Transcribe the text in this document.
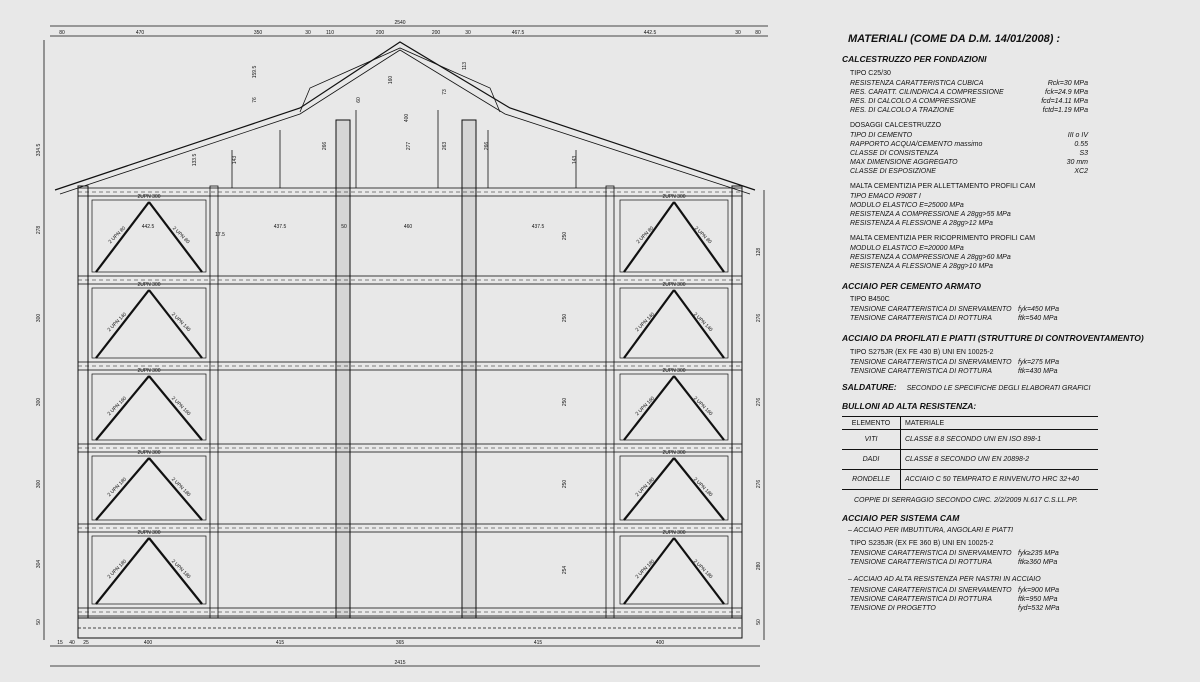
2UPN 300
2 UPN 80	2 UPN 80
2UPN 300
2 UPN 80	2 UPN 80
2UPN 300
2 UPN 140	2 UPN 140
2UPN 300
2 UPN 140	2 UPN 140
2UPN 300
2 UPN 160	2 UPN 160
2UPN 300
2 UPN 160	2 UPN 160
2UPN 300
2 UPN 180	2 UPN 180
2UPN 300
2 UPN 180	2 UPN 180
2UPN 300
2 UPN 180	2 UPN 180
2UPN 300
2 UPN 180	2 UPN 180
2540
80	470	350	30	110	200	200	30	467.5	442.5	30	80
2415
400	415	365	415	400
15 40 25
334.5
278
300
300
300
304
50
128
276
276
276
280
50
159.5
76	60
160
113
73
400
266	277	263	266
143
133.5	143
442.5	437.5	50	460	437.5
17.5	250
250
250
250
254
MATERIALI (COME DA D.M. 14/01/2008) :
CALCESTRUZZO PER FONDAZIONI
TIPO C25/30
RESISTENZA CARATTERISTICA CUBICA	Rck=30 MPa
RES. CARATT. CILINDRICA A COMPRESSIONE	fck=24.9 MPa
RES. DI CALCOLO A COMPRESSIONE	fcd=14.11 MPa
RES. DI CALCOLO A TRAZIONE	fctd=1.19 MPa
DOSAGGI CALCESTRUZZO
TIPO DI CEMENTO	III o IV
RAPPORTO ACQUA/CEMENTO massimo	0.55
CLASSE DI CONSISTENZA	S3
MAX DIMENSIONE AGGREGATO	30 mm
CLASSE DI ESPOSIZIONE	XC2
MALTA CEMENTIZIA PER ALLETTAMENTO PROFILI CAM
TIPO EMACO R908T I
MODULO ELASTICO E=25000 MPa
RESISTENZA A COMPRESSIONE A 28gg>55 MPa
RESISTENZA A FLESSIONE A 28gg>12 MPa
MALTA CEMENTIZIA PER RICOPRIMENTO PROFILI CAM
MODULO ELASTICO E=20000 MPa
RESISTENZA A COMPRESSIONE A 28gg>60 MPa
RESISTENZA A FLESSIONE A 28gg>10 MPa
ACCIAIO PER CEMENTO ARMATO
TIPO B450C
TENSIONE CARATTERISTICA DI SNERVAMENTO fyk=450 MPa
TENSIONE CARATTERISTICA DI ROTTURA	ftk=540 MPa
ACCIAIO DA PROFILATI E PIATTI (STRUTTURE DI CONTROVENTAMENTO)
TIPO S275JR (EX FE 430 B) UNI EN 10025-2
TENSIONE CARATTERISTICA DI SNERVAMENTO fyk=275 MPa
TENSIONE CARATTERISTICA DI ROTTURA	ftk=430 MPa
SALDATURE: SECONDO LE SPECIFICHE DEGLI ELABORATI GRAFICI
BULLONI AD ALTA RESISTENZA:
ELEMENTO	MATERIALE
VITI	CLASSE 8.8 SECONDO UNI EN ISO 898-1
DADI	CLASSE 8 SECONDO UNI EN 20898-2
RONDELLE	ACCIAIO C 50 TEMPRATO E RINVENUTO HRC 32+40
COPPIE DI SERRAGGIO SECONDO CIRC. 2/2/2009 N.617 C.S.LL.PP.
ACCIAIO PER SISTEMA CAM
– ACCIAIO PER IMBUTITURA, ANGOLARI E PIATTI
TIPO S235JR (EX FE 360 B) UNI EN 10025-2
TENSIONE CARATTERISTICA DI SNERVAMENTO fyk≥235 MPa
TENSIONE CARATTERISTICA DI ROTTURA	ftk≥360 MPa
– ACCIAIO AD ALTA RESISTENZA PER NASTRI IN ACCIAIO
TENSIONE CARATTERISTICA DI SNERVAMENTO fyk=900 MPa
TENSIONE CARATTERISTICA DI ROTTURA	ftk=950 MPa
TENSIONE DI PROGETTO	fyd=532 MPa
